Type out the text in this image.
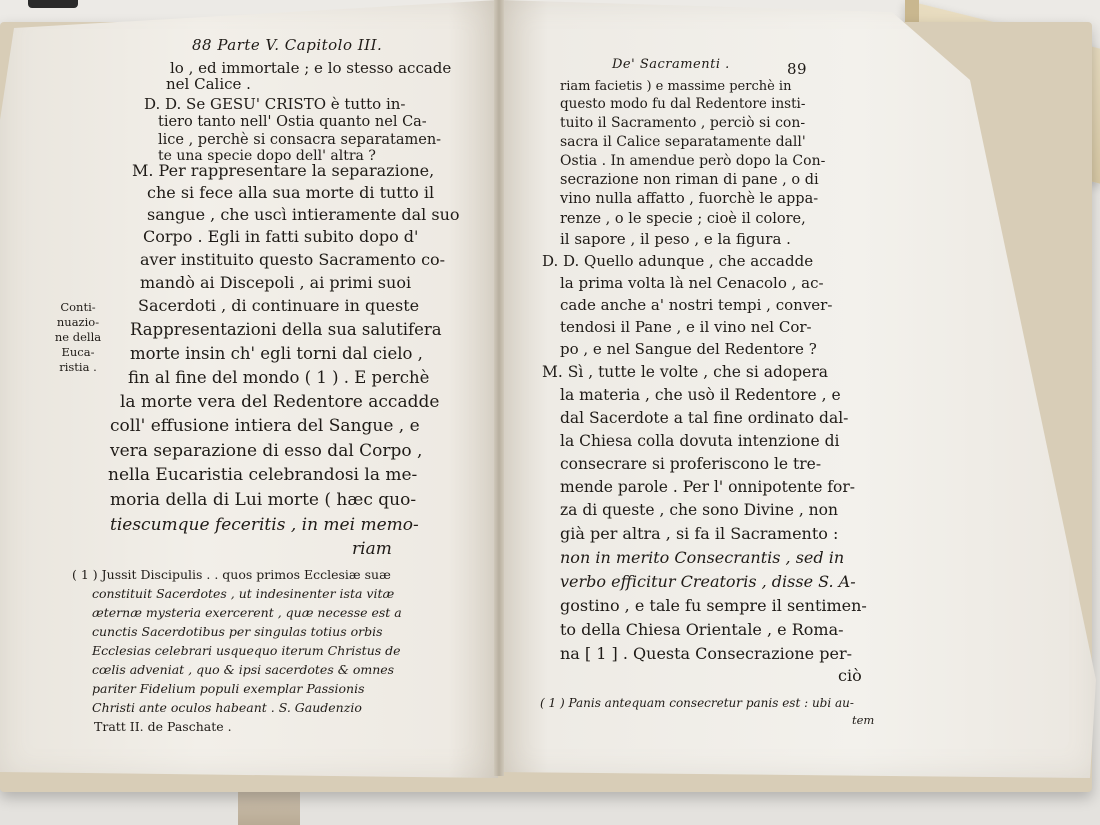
88 Parte V. Capitolo III.
lo , ed immortale ; e lo stesso accade
nel Calice .
D. D. Se GESU' CRISTO è tutto in-
tiero tanto nell' Ostia quanto nel Ca-
lice , perchè si consacra separatamen-
te una specie dopo dell' altra ?
M. Per rappresentare la separazione,
che si fece alla sua morte di tutto il
sangue , che uscì intieramente dal suo
Corpo . Egli in fatti subito dopo d'
aver instituito questo Sacramento co-
mandò ai Discepoli , ai primi suoi
Sacerdoti , di continuare in queste
Rappresentazioni della sua salutifera
morte insin ch' egli torni dal cielo ,
fin al fine del mondo ( 1 ) . E perchè
la morte vera del Redentore accadde
coll' effusione intiera del Sangue , e
vera separazione di esso dal Corpo ,
nella Eucaristia celebrandosi la me-
moria della di Lui morte ( hæc quo-
tiescumque feceritis , in mei memo-
riam
Conti-
nuazio-
ne della
Euca-
ristia .
( 1 ) Jussit Discipulis . . quos primos Ecclesiæ suæ
constituit Sacerdotes , ut indesinenter ista vitæ
æternæ mysteria exercerent , quæ necesse est a
cunctis Sacerdotibus per singulas totius orbis
Ecclesias celebrari usquequo iterum Christus de
cœlis adveniat , quo & ipsi sacerdotes & omnes
pariter Fidelium populi exemplar Passionis
Christi ante oculos habeant . S. Gaudenzio
Tratt II. de Paschate .
De' Sacramenti .	89
riam facietis ) e massime perchè in
questo modo fu dal Redentore insti-
tuito il Sacramento , perciò si con-
sacra il Calice separatamente dall'
Ostia . In amendue però dopo la Con-
secrazione non riman di pane , o di
vino nulla affatto , fuorchè le appa-
renze , o le specie ; cioè il colore,
il sapore , il peso , e la figura .
D. D. Quello adunque , che accadde
la prima volta là nel Cenacolo , ac-
cade anche a' nostri tempi , conver-
tendosi il Pane , e il vino nel Cor-
po , e nel Sangue del Redentore ?
M. Sì , tutte le volte , che si adopera
la materia , che usò il Redentore , e
dal Sacerdote a tal fine ordinato dal-
la Chiesa colla dovuta intenzione di
consecrare si proferiscono le tre-
mende parole . Per l' onnipotente for-
za di queste , che sono Divine , non
già per altra , si fa il Sacramento :
non in merito Consecrantis , sed in
verbo efficitur Creatoris , disse S. A-
gostino , e tale fu sempre il sentimen-
to della Chiesa Orientale , e Roma-
na [ 1 ] . Questa Consecrazione per-
ciò
( 1 ) Panis antequam consecretur panis est : ubi au-
tem
